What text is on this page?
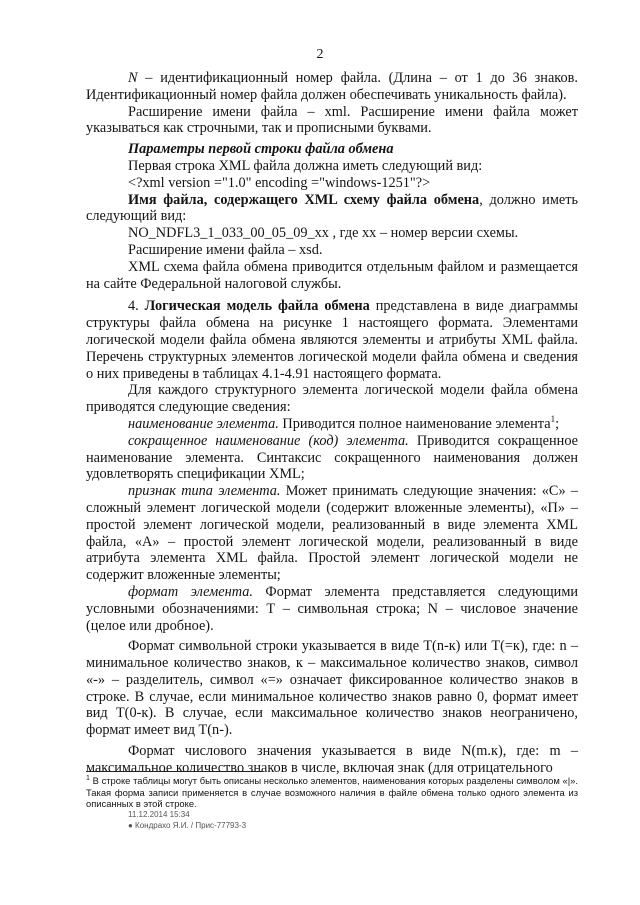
2

N – идентификационный номер файла. (Длина – от 1 до 36 знаков. Идентификационный номер файла должен обеспечивать уникальность файла).

Расширение имени файла – xml. Расширение имени файла может указываться как строчными, так и прописными буквами.

Параметры первой строки файла обмена

Первая строка XML файла должна иметь следующий вид:

<?xml version ="1.0" encoding ="windows-1251"?>

Имя файла, содержащего XML схему файла обмена, должно иметь следующий вид:

NO_NDFL3_1_033_00_05_09_xx , где хх – номер версии схемы.

Расширение имени файла – xsd.

XML схема файла обмена приводится отдельным файлом и размещается на сайте Федеральной налоговой службы.

4. Логическая модель файла обмена представлена в виде диаграммы структуры файла обмена на рисунке 1 настоящего формата. Элементами логической модели файла обмена являются элементы и атрибуты XML файла. Перечень структурных элементов логической модели файла обмена и сведения о них приведены в таблицах 4.1-4.91 настоящего формата.

Для каждого структурного элемента логической модели файла обмена приводятся следующие сведения:

наименование элемента. Приводится полное наименование элемента$^1$;

сокращенное наименование (код) элемента. Приводится сокращенное наименование элемента. Синтаксис сокращенного наименования должен удовлетворять спецификации XML;

признак типа элемента. Может принимать следующие значения: «С» – сложный элемент логической модели (содержит вложенные элементы), «П» – простой элемент логической модели, реализованный в виде элемента XML файла, «А» – простой элемент логической модели, реализованный в виде атрибута элемента XML файла. Простой элемент логической модели не содержит вложенные элементы;

формат элемента. Формат элемента представляется следующими условными обозначениями: Т – символьная строка; N – числовое значение (целое или дробное).

Формат символьной строки указывается в виде Т(n-к) или Т(=к), где: n – минимальное количество знаков, к – максимальное количество знаков, символ «-» – разделитель, символ «=» означает фиксированное количество знаков в строке. В случае, если минимальное количество знаков равно 0, формат имеет вид Т(0-к). В случае, если максимальное количество знаков неограничено, формат имеет вид Т(n-).

Формат числового значения указывается в виде N(m.к), где: m – максимальное количество знаков в числе, включая знак (для отрицательного

$^1$ В строке таблицы могут быть описаны несколько элементов, наименования которых разделены символом «|». Такая форма записи применяется в случае возможного наличия в файле обмена только одного элемента из описанных в этой строке.
11.12.2014 15:34
● Кондрахо Я.И. / Прис-77793-3
